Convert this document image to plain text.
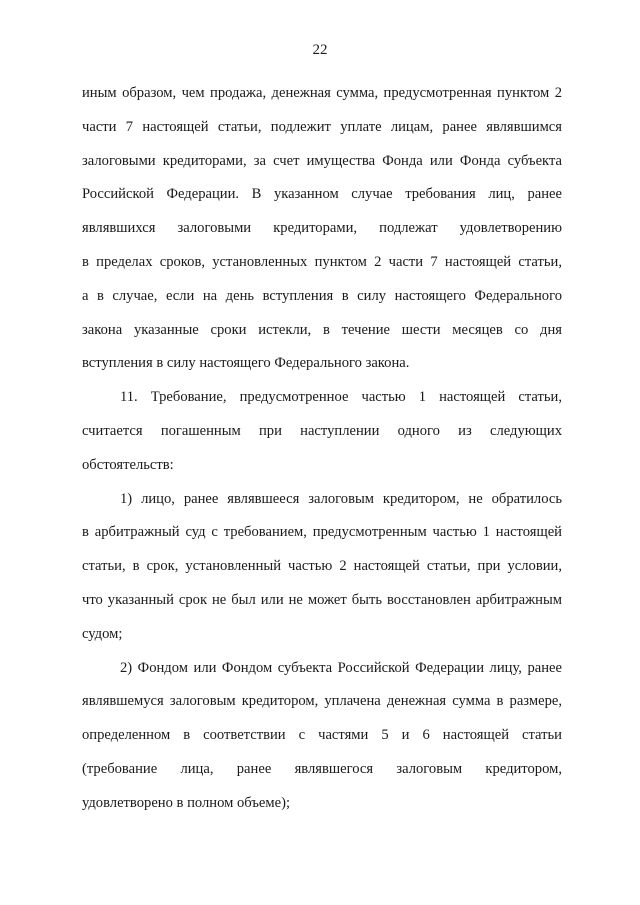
22
иным образом, чем продажа, денежная сумма, предусмотренная пунктом 2
части 7 настоящей статьи, подлежит уплате лицам, ранее являвшимся
залоговыми кредиторами, за счет имущества Фонда или Фонда субъекта
Российской Федерации. В указанном случае требования лиц, ранее
являвшихся залоговыми кредиторами, подлежат удовлетворению
в пределах сроков, установленных пунктом 2 части 7 настоящей статьи,
а в случае, если на день вступления в силу настоящего Федерального
закона указанные сроки истекли, в течение шести месяцев со дня
вступления в силу настоящего Федерального закона.
11. Требование, предусмотренное частью 1 настоящей статьи,
считается погашенным при наступлении одного из следующих
обстоятельств:
1) лицо, ранее являвшееся залоговым кредитором, не обратилось
в арбитражный суд с требованием, предусмотренным частью 1 настоящей
статьи, в срок, установленный частью 2 настоящей статьи, при условии,
что указанный срок не был или не может быть восстановлен арбитражным
судом;
2) Фондом или Фондом субъекта Российской Федерации лицу, ранее
являвшемуся залоговым кредитором, уплачена денежная сумма в размере,
определенном в соответствии с частями 5 и 6 настоящей статьи
(требование лица, ранее являвшегося залоговым кредитором,
удовлетворено в полном объеме);
